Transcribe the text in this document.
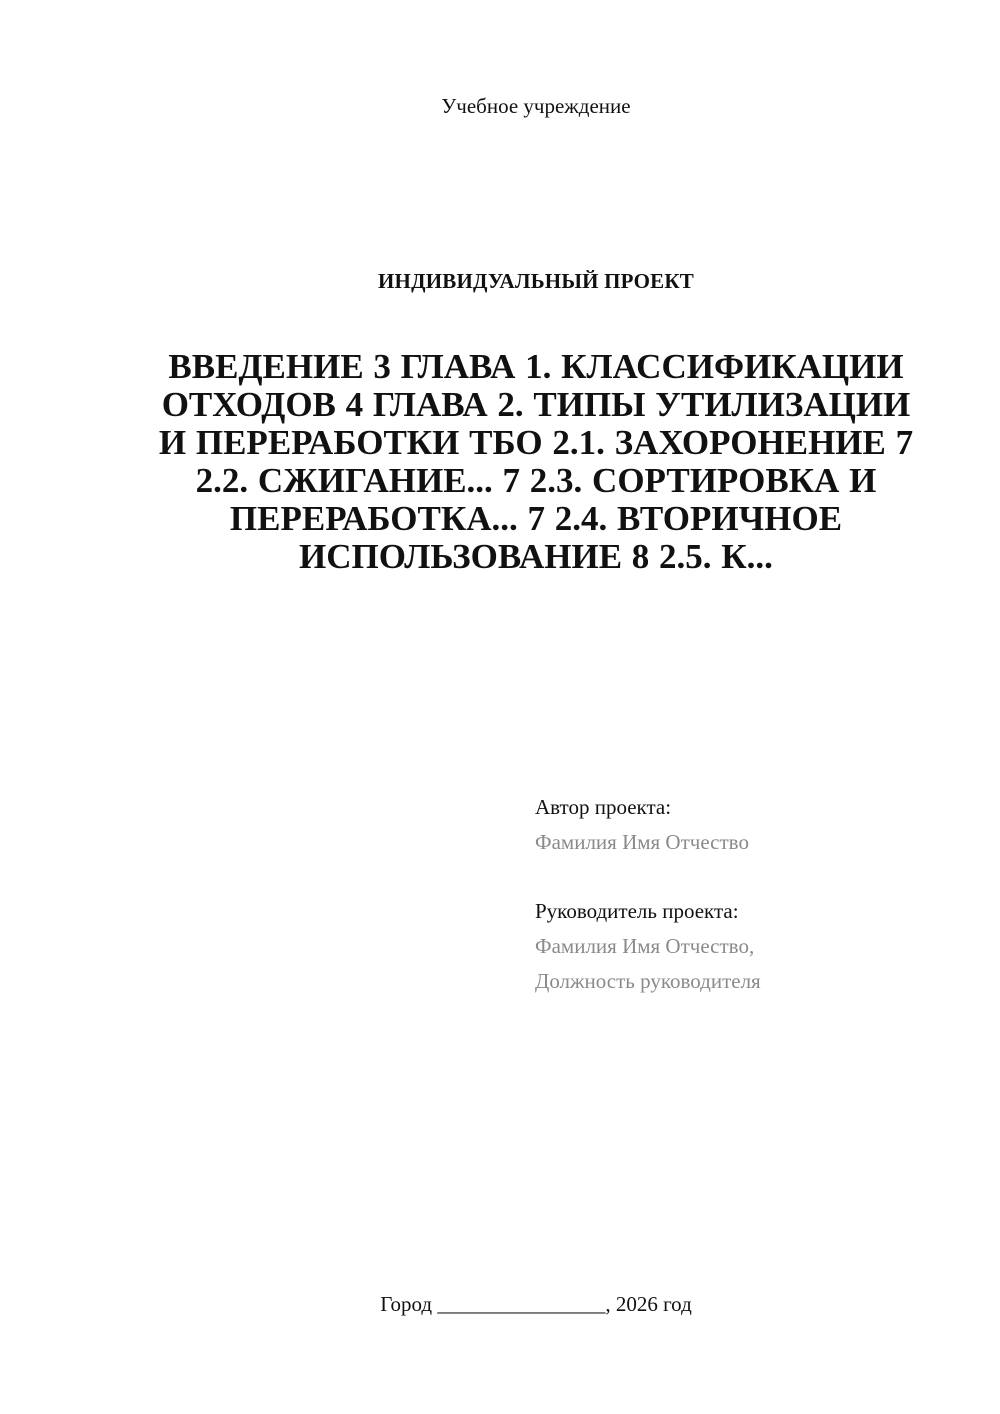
Учебное учреждение
ИНДИВИДУАЛЬНЫЙ ПРОЕКТ
ВВЕДЕНИЕ 3 ГЛАВА 1. КЛАССИФИКАЦИИ ОТХОДОВ 4 ГЛАВА 2. ТИПЫ УТИЛИЗАЦИИ И ПЕРЕРАБОТКИ ТБО 2.1. ЗАХОРОНЕНИЕ 7 2.2. СЖИГАНИЕ... 7 2.3. СОРТИРОВКА И ПЕРЕРАБОТКА... 7 2.4. ВТОРИЧНОЕ ИСПОЛЬЗОВАНИЕ 8 2.5. К...
Автор проекта:
Фамилия Имя Отчество
Руководитель проекта:
Фамилия Имя Отчество,
Должность руководителя
Город ________________, 2026 год
